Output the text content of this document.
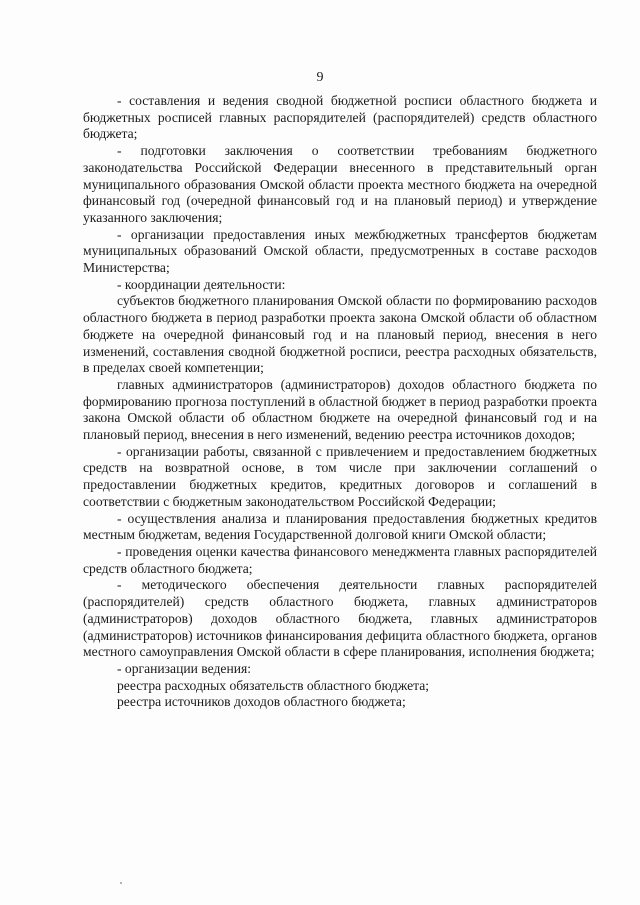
9

- составления и ведения сводной бюджетной росписи областного бюджета и бюджетных росписей главных распорядителей (распорядителей) средств областного бюджета;

- подготовки заключения о соответствии требованиям бюджетного законодательства Российской Федерации внесенного в представительный орган муниципального образования Омской области проекта местного бюджета на очередной финансовый год (очередной финансовый год и на плановый период) и утверждение указанного заключения;

- организации предоставления иных межбюджетных трансфертов бюджетам муниципальных образований Омской области, предусмотренных в составе расходов Министерства;

- координации деятельности:

субъектов бюджетного планирования Омской области по формированию расходов областного бюджета в период разработки проекта закона Омской области об областном бюджете на очередной финансовый год и на плановый период, внесения в него изменений, составления сводной бюджетной росписи, реестра расходных обязательств, в пределах своей компетенции;

главных администраторов (администраторов) доходов областного бюджета по формированию прогноза поступлений в областной бюджет в период разработки проекта закона Омской области об областном бюджете на очередной финансовый год и на плановый период, внесения в него изменений, ведению реестра источников доходов;

- организации работы, связанной с привлечением и предоставлением бюджетных средств на возвратной основе, в том числе при заключении соглашений о предоставлении бюджетных кредитов, кредитных договоров и соглашений в соответствии с бюджетным законодательством Российской Федерации;

- осуществления анализа и планирования предоставления бюджетных кредитов местным бюджетам, ведения Государственной долговой книги Омской области;

- проведения оценки качества финансового менеджмента главных распорядителей средств областного бюджета;

- методического обеспечения деятельности главных распорядителей (распорядителей) средств областного бюджета, главных администраторов (администраторов) доходов областного бюджета, главных администраторов (администраторов) источников финансирования дефицита областного бюджета, органов местного самоуправления Омской области в сфере планирования, исполнения бюджета;

- организации ведения:

реестра расходных обязательств областного бюджета;

реестра источников доходов областного бюджета;
